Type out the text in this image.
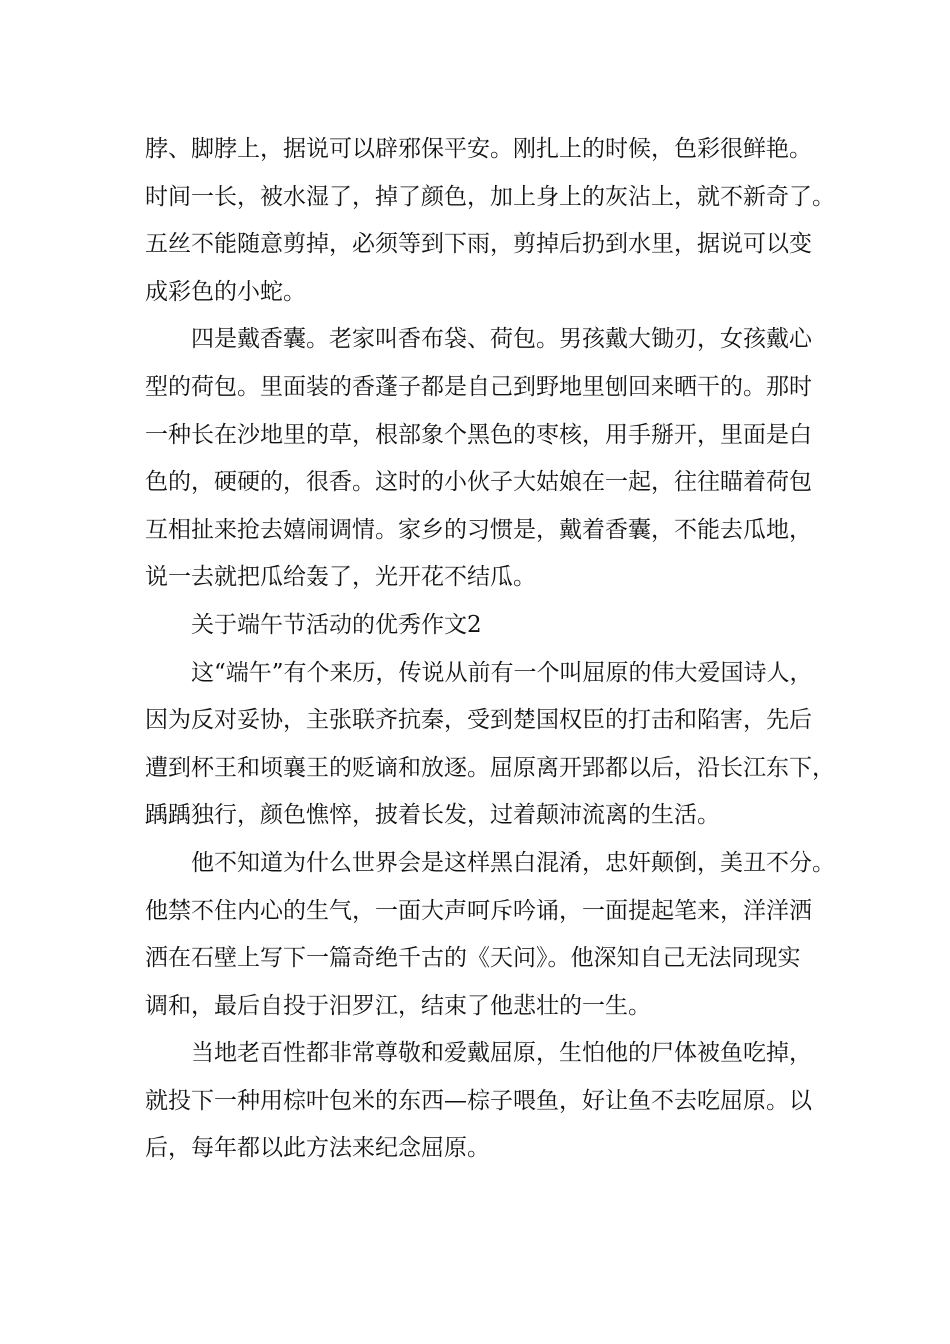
脖、脚脖上，据说可以辟邪保平安。刚扎上的时候，色彩很鲜艳。
时间一长，被水湿了，掉了颜色，加上身上的灰沾上，就不新奇了。
五丝不能随意剪掉，必须等到下雨，剪掉后扔到水里，据说可以变
成彩色的小蛇。
四是戴香囊。老家叫香布袋、荷包。男孩戴大锄刃，女孩戴心
型的荷包。里面装的香蓬子都是自己到野地里刨回来晒干的。那时
一种长在沙地里的草，根部象个黑色的枣核，用手掰开，里面是白
色的，硬硬的，很香。这时的小伙子大姑娘在一起，往往瞄着荷包
互相扯来抢去嬉闹调情。家乡的习惯是，戴着香囊，不能去瓜地，
说一去就把瓜给轰了，光开花不结瓜。
关于端午节活动的优秀作文2
这“端午”有个来历，传说从前有一个叫屈原的伟大爱国诗人，
因为反对妥协，主张联齐抗秦，受到楚国权臣的打击和陷害，先后
遭到杯王和顷襄王的贬谪和放逐。屈原离开郢都以后，沿长江东下，
踽踽独行，颜色憔悴，披着长发，过着颠沛流离的生活。
他不知道为什么世界会是这样黑白混淆，忠奸颠倒，美丑不分。
他禁不住内心的生气，一面大声呵斥吟诵，一面提起笔来，洋洋洒
洒在石壁上写下一篇奇绝千古的《天问》。他深知自己无法同现实
调和，最后自投于汨罗江，结束了他悲壮的一生。
当地老百性都非常尊敬和爱戴屈原，生怕他的尸体被鱼吃掉，
就投下一种用棕叶包米的东西—棕子喂鱼，好让鱼不去吃屈原。以
后，每年都以此方法来纪念屈原。
